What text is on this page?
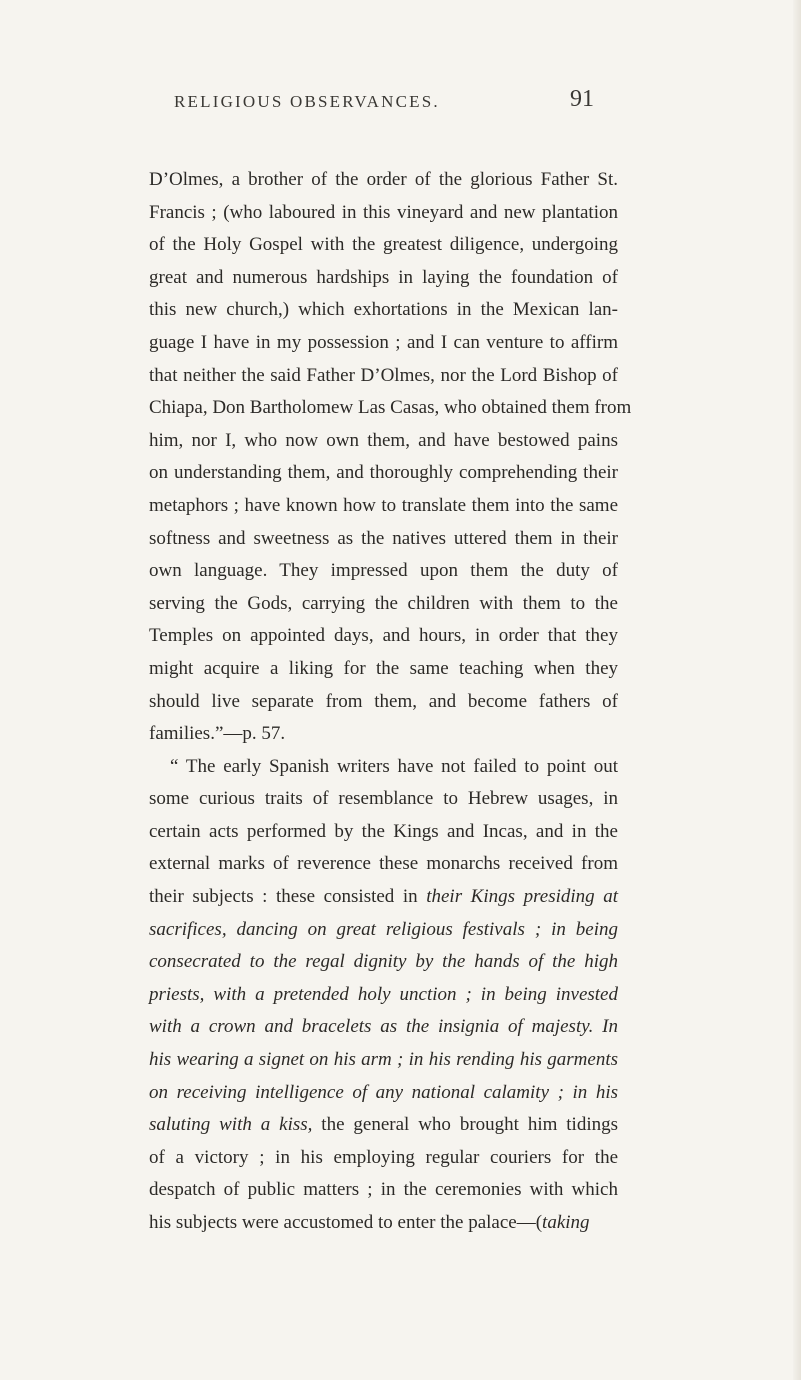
RELIGIOUS OBSERVANCES.	91
D’Olmes, a brother of the order of the glorious Father St.
Francis ; (who laboured in this vineyard and new plantation
of the Holy Gospel with the greatest diligence, undergoing
great and numerous hardships in laying the foundation of
this new church,) which exhortations in the Mexican lan-
guage I have in my possession ; and I can venture to affirm
that neither the said Father D’Olmes, nor the Lord Bishop of
Chiapa, Don Bartholomew Las Casas, who obtained them from
him, nor I, who now own them, and have bestowed pains
on understanding them, and thoroughly comprehending their
metaphors ; have known how to translate them into the same
softness and sweetness as the natives uttered them in their
own language. They impressed upon them the duty of
serving the Gods, carrying the children with them to the
Temples on appointed days, and hours, in order that they
might acquire a liking for the same teaching when they
should live separate from them, and become fathers of
families.”—p. 57.
“ The early Spanish writers have not failed to point out
some curious traits of resemblance to Hebrew usages, in
certain acts performed by the Kings and Incas, and in the
external marks of reverence these monarchs received from
their subjects : these consisted in their Kings presiding at
sacrifices, dancing on great religious festivals ; in being
consecrated to the regal dignity by the hands of the high
priests, with a pretended holy unction ; in being invested
with a crown and bracelets as the insignia of majesty. In
his wearing a signet on his arm ; in his rending his garments
on receiving intelligence of any national calamity ; in his
saluting with a kiss, the general who brought him tidings
of a victory ; in his employing regular couriers for the
despatch of public matters ; in the ceremonies with which
his subjects were accustomed to enter the palace—(taking
